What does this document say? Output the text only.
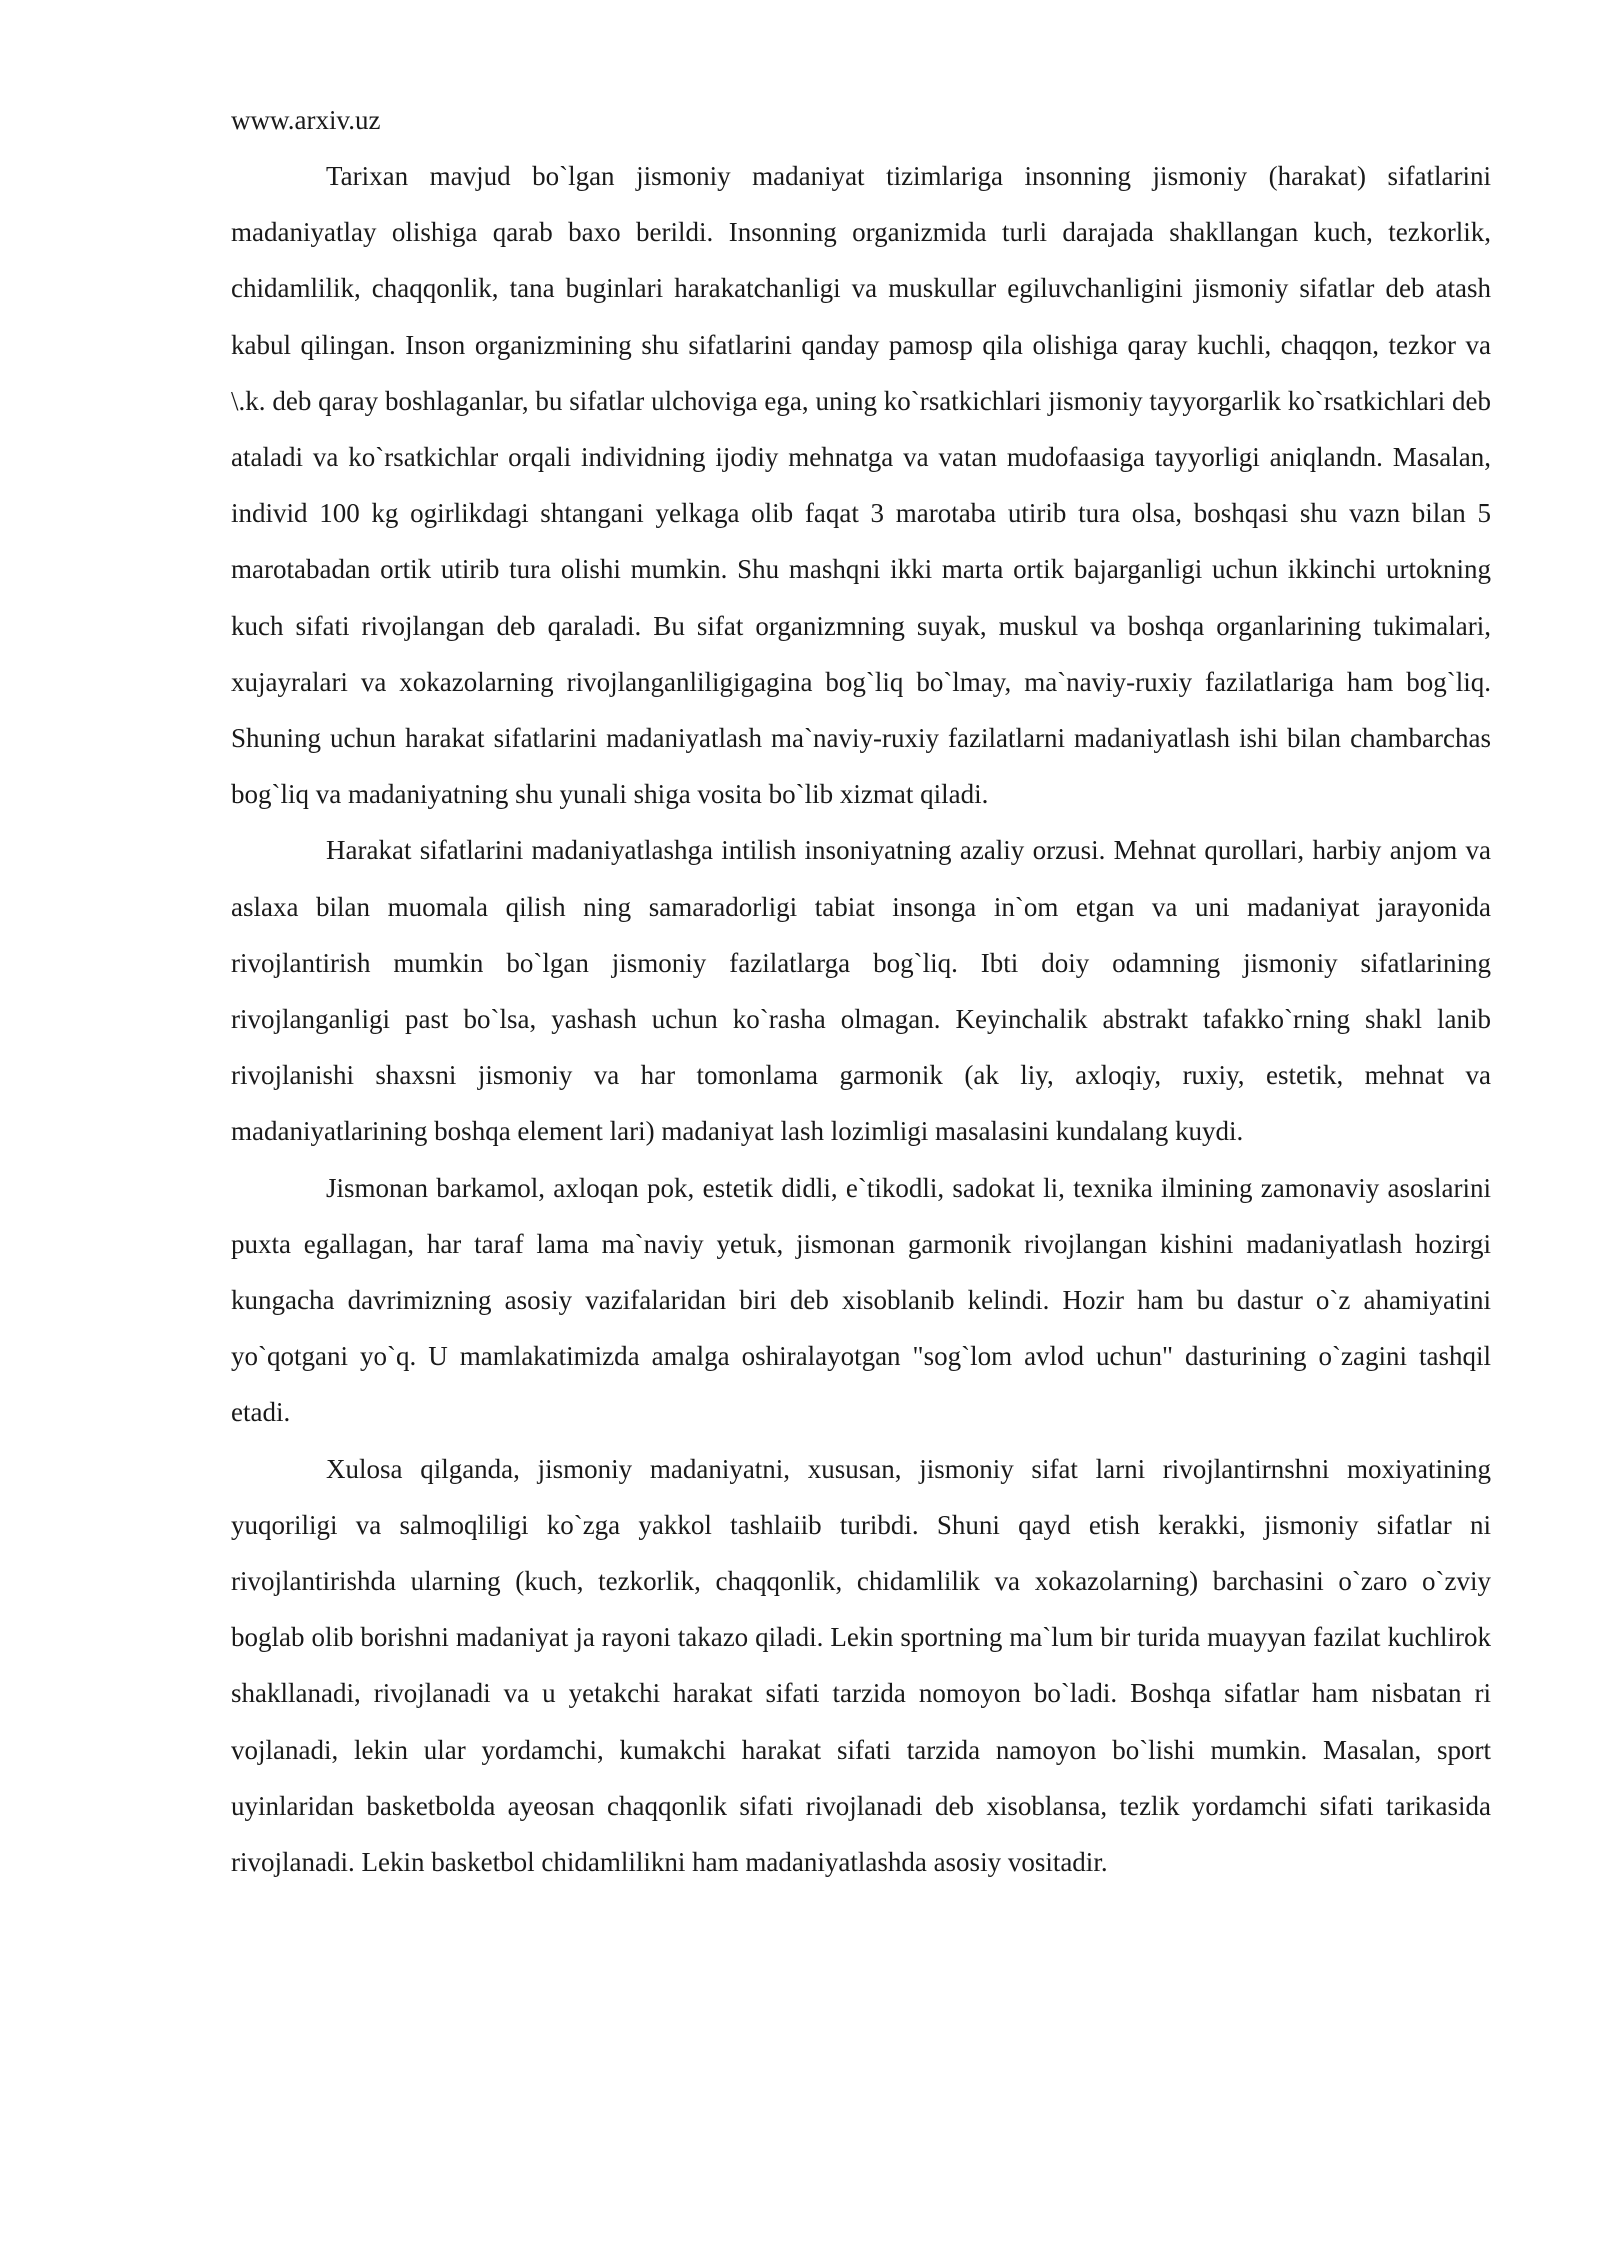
www.arxiv.uz

Tarixan mavjud bo`lgan jismoniy madaniyat tizimlariga insonning jismoniy (harakat) sifatlarini madaniyatlay olishiga qarab baxo berildi. Insonning organizmida turli darajada shakllangan kuch, tezkorlik, chidamlilik, chaqqonlik, tana buginlari harakatchanligi va muskullar egiluvchanligini jismoniy sifatlar deb atash kabul qilingan. Inson organizmining shu sifatlarini qanday pamosp qila olishiga qaray kuchli, chaqqon, tezkor va \.k. deb qaray boshlaganlar, bu sifatlar ulchoviga ega, uning ko`rsatkichlari jismoniy tayyorgarlik ko`rsatkichlari deb ataladi va ko`rsatkichlar orqali individning ijodiy mehnatga va vatan mudofaasiga tayyorligi aniqlandn. Masalan, individ 100 kg ogirlikdagi shtangani yelkaga olib faqat 3 marotaba utirib tura olsa, boshqasi shu vazn bilan 5 marotabadan ortik utirib tura olishi mumkin. Shu mashqni ikki marta ortik bajarganligi uchun ikkinchi urtokning kuch sifati rivojlangan deb qaraladi. Bu sifat organizmning suyak, muskul va boshqa organlarining tukimalari, xujayralari va xokazolarning rivojlanganliligigagina bog`liq bo`lmay, ma`naviy-ruxiy fazilatlariga ham bog`liq. Shuning uchun harakat sifatlarini madaniyatlash ma`naviy-ruxiy fazilatlarni madaniyatlash ishi bilan chambarchas bog`liq va madaniyatning shu yunali shiga vosita bo`lib xizmat qiladi.

Harakat sifatlarini madaniyatlashga intilish insoniyatning azaliy orzusi. Mehnat qurollari, harbiy anjom va aslaxa bilan muomala qilish ning samaradorligi tabiat insonga in`om etgan va uni madaniyat jarayonida rivojlantirish mumkin bo`lgan jismoniy fazilatlarga bog`liq. Ibti doiy odamning jismoniy sifatlarining rivojlanganligi past bo`lsa, yashash uchun ko`rasha olmagan. Keyinchalik abstrakt tafakko`rning shakl lanib rivojlanishi shaxsni jismoniy va har tomonlama garmonik (ak liy, axloqiy, ruxiy, estetik, mehnat va madaniyatlarining boshqa element lari) madaniyat lash lozimligi masalasini kundalang kuydi.

Jismonan barkamol, axloqan pok, estetik didli, e`tikodli, sadokat li, texnika ilmining zamonaviy asoslarini puxta egallagan, har taraf lama ma`naviy yetuk, jismonan garmonik rivojlangan kishini madaniyatlash hozirgi kungacha davrimizning asosiy vazifalaridan biri deb xisoblanib kelindi. Hozir ham bu dastur o`z ahamiyatini yo`qotgani yo`q. U mamlakatimizda amalga oshiralayotgan "sog`lom avlod uchun" dasturining o`zagini tashqil etadi.

Xulosa qilganda, jismoniy madaniyatni, xususan, jismoniy sifat larni rivojlantirnshni moxiyatining yuqoriligi va salmoqliligi ko`zga yakkol tashlaiib turibdi. Shuni qayd etish kerakki, jismoniy sifatlar ni rivojlantirishda ularning (kuch, tezkorlik, chaqqonlik, chidamlilik va xokazolarning) barchasini o`zaro o`zviy boglab olib borishni madaniyat ja rayoni takazo qiladi. Lekin sportning ma`lum bir turida muayyan fazilat kuchlirok shakllanadi, rivojlanadi va u yetakchi harakat sifati tarzida nomoyon bo`ladi. Boshqa sifatlar ham nisbatan ri vojlanadi, lekin ular yordamchi, kumakchi harakat sifati tarzida namoyon bo`lishi mumkin. Masalan, sport uyinlaridan basketbolda ayeosan chaqqonlik sifati rivojlanadi deb xisoblansa, tezlik yordamchi sifati tarikasida rivojlanadi. Lekin basketbol chidamlilikni ham madaniyatlashda asosiy vositadir.
